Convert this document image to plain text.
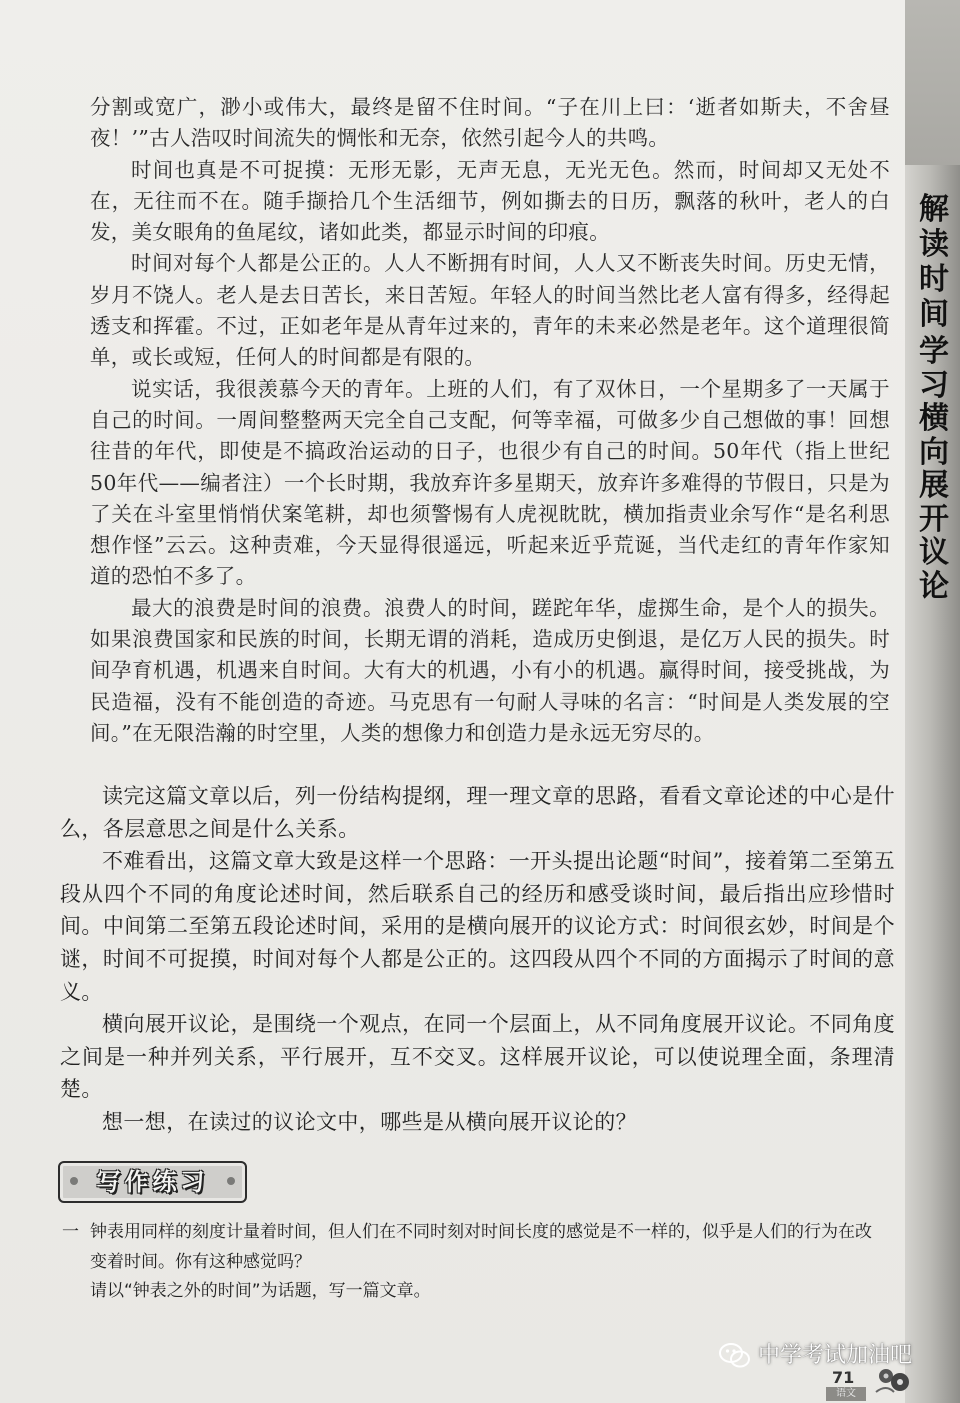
解读时间
学习横向展开议论

分割或宽广，渺小或伟大，最终是留不住时间。“子在川上曰：‘逝者如斯夫，不舍昼夜！’”古人浩叹时间流失的惆怅和无奈，依然引起今人的共鸣。

时间也真是不可捉摸：无形无影，无声无息，无光无色。然而，时间却又无处不在，无往而不在。随手撷拾几个生活细节，例如撕去的日历，飘落的秋叶，老人的白发，美女眼角的鱼尾纹，诸如此类，都显示时间的印痕。

时间对每个人都是公正的。人人不断拥有时间，人人又不断丧失时间。历史无情，岁月不饶人。老人是去日苦长，来日苦短。年轻人的时间当然比老人富有得多，经得起透支和挥霍。不过，正如老年是从青年过来的，青年的未来必然是老年。这个道理很简单，或长或短，任何人的时间都是有限的。

说实话，我很羡慕今天的青年。上班的人们，有了双休日，一个星期多了一天属于自己的时间。一周间整整两天完全自己支配，何等幸福，可做多少自己想做的事！回想往昔的年代，即使是不搞政治运动的日子，也很少有自己的时间。50年代（指上世纪50年代——编者注）一个长时期，我放弃许多星期天，放弃许多难得的节假日，只是为了关在斗室里悄悄伏案笔耕，却也须警惕有人虎视眈眈，横加指责业余写作“是名利思想作怪”云云。这种责难，今天显得很遥远，听起来近乎荒诞，当代走红的青年作家知道的恐怕不多了。

最大的浪费是时间的浪费。浪费人的时间，蹉跎年华，虚掷生命，是个人的损失。如果浪费国家和民族的时间，长期无谓的消耗，造成历史倒退，是亿万人民的损失。时间孕育机遇，机遇来自时间。大有大的机遇，小有小的机遇。赢得时间，接受挑战，为民造福，没有不能创造的奇迹。马克思有一句耐人寻味的名言：“时间是人类发展的空间。”在无限浩瀚的时空里，人类的想像力和创造力是永远无穷尽的。

读完这篇文章以后，列一份结构提纲，理一理文章的思路，看看文章论述的中心是什么，各层意思之间是什么关系。

不难看出，这篇文章大致是这样一个思路：一开头提出论题“时间”，接着第二至第五段从四个不同的角度论述时间，然后联系自己的经历和感受谈时间，最后指出应珍惜时间。中间第二至第五段论述时间，采用的是横向展开的议论方式：时间很玄妙，时间是个谜，时间不可捉摸，时间对每个人都是公正的。这四段从四个不同的方面揭示了时间的意义。

横向展开议论，是围绕一个观点，在同一个层面上，从不同角度展开议论。不同角度之间是一种并列关系，平行展开，互不交叉。这样展开议论，可以使说理全面，条理清楚。

想一想，在读过的议论文中，哪些是从横向展开议论的？

写作练习
一 钟表用同样的刻度计量着时间，但人们在不同时刻对时间长度的感觉是不一样的，似乎是人们的行为在改变着时间。你有这种感觉吗？

请以“钟表之外的时间”为话题，写一篇文章。

中学考试加油吧
71
语文
